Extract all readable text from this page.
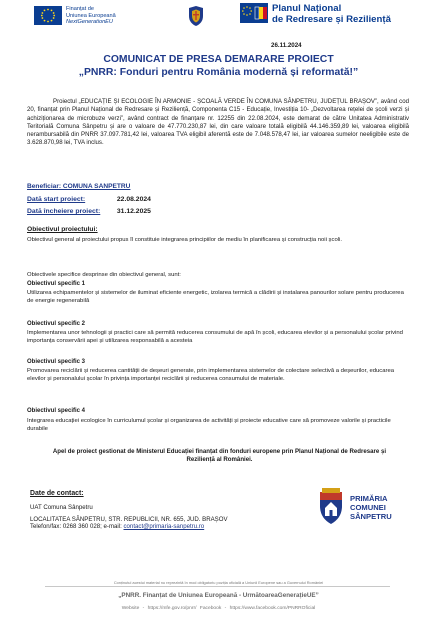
Finanțat de
Uniunea Europeană
NextGenerationEU
Planul Național
de Redresare și Reziliență
26.11.2024
COMUNICAT DE PRESA DEMARARE PROIECT
„PNRR: Fonduri pentru România modernă și reformată!”

Proiectul „EDUCAȚIE ȘI ECOLOGIE ÎN ARMONIE - ȘCOALĂ VERDE ÎN COMUNA SÂNPETRU, JUDEȚUL BRAȘOV”, având cod 20, finanțat prin Planul Național de Redresare și Reziliență, Componenta C15 - Educație, Investiția 10- „Dezvoltarea rețelei de școli verzi și achiziționarea de microbuze verzi”, având contract de finanțare nr. 12255 din 22.08.2024, este demarat de către Unitatea Administrativ Teritorială Comuna Sânpetru și are o valoare de 47.770.230,87 lei, din care valoare totală eligibilă 44.146.359,89 lei, valoarea eligibilă nerambursabilă din PNRR 37.097.781,42 lei, valoarea TVA eligibil aferentă este de 7.048.578,47 lei, iar valoarea sumelor neeligibile este de 3.628.870,98 lei, TVA inclus.

Beneficiar: COMUNA SANPETRU
Dată start proiect:	22.08.2024
Dată încheiere proiect: 31.12.2025
Obiectivul proiectului:

Obiectivul general al proiectului propus îl constituie integrarea principiilor de mediu în planificarea și construcția noii școli.

Obiectivele specifice desprinse din obiectivul general, sunt:

Obiectivul specific 1

Utilizarea echipamentelor și sistemelor de iluminat eficiente energetic, izolarea termică a clădirii și instalarea panourilor solare pentru producerea de energie regenerabilă

Obiectivul specific 2

Implementarea unor tehnologii și practici care să permită reducerea consumului de apă în școli, educarea elevilor și a personalului școlar privind importanța conservării apei și utilizarea responsabilă a acesteia

Obiectivul specific 3

Promovarea reciclării și reducerea cantității de deșeuri generate, prin implementarea sistemelor de colectare selectivă a deșeurilor, educarea elevilor și personalului școlar în privința importanței reciclării și reducerea consumului de materiale.

Obiectivul specific 4

Integrarea educației ecologice în curriculumul școlar și organizarea de activități și proiecte educative care să promoveze valorile și practicile durabile

Apel de proiect gestionat de Ministerul Educației finanțat din fonduri europene prin Planul Național de Redresare și Reziliență al României.

Date de contact:
UAT Comuna Sânpetru
LOCALITATEA SÂNPETRU, STR. REPUBLICII, NR. 655, JUD. BRAȘOV
Telefon/fax: 0268 360 028; e-mail: contact@primaria-sanpetru.ro
PRIMĂRIA
COMUNEI
SÂNPETRU
Conținutul acestui material nu reprezintă în mod obligatoriu poziția oficială a Uniunii Europene sau a Guvernului României
„PNRR. Finanțat de Uniunea Europeană - UrmătoareaGenerațieUE”
Website - https://mfe.gov.ro/pnrr/ Facebook - https://www.facebook.com/PNRROficial
